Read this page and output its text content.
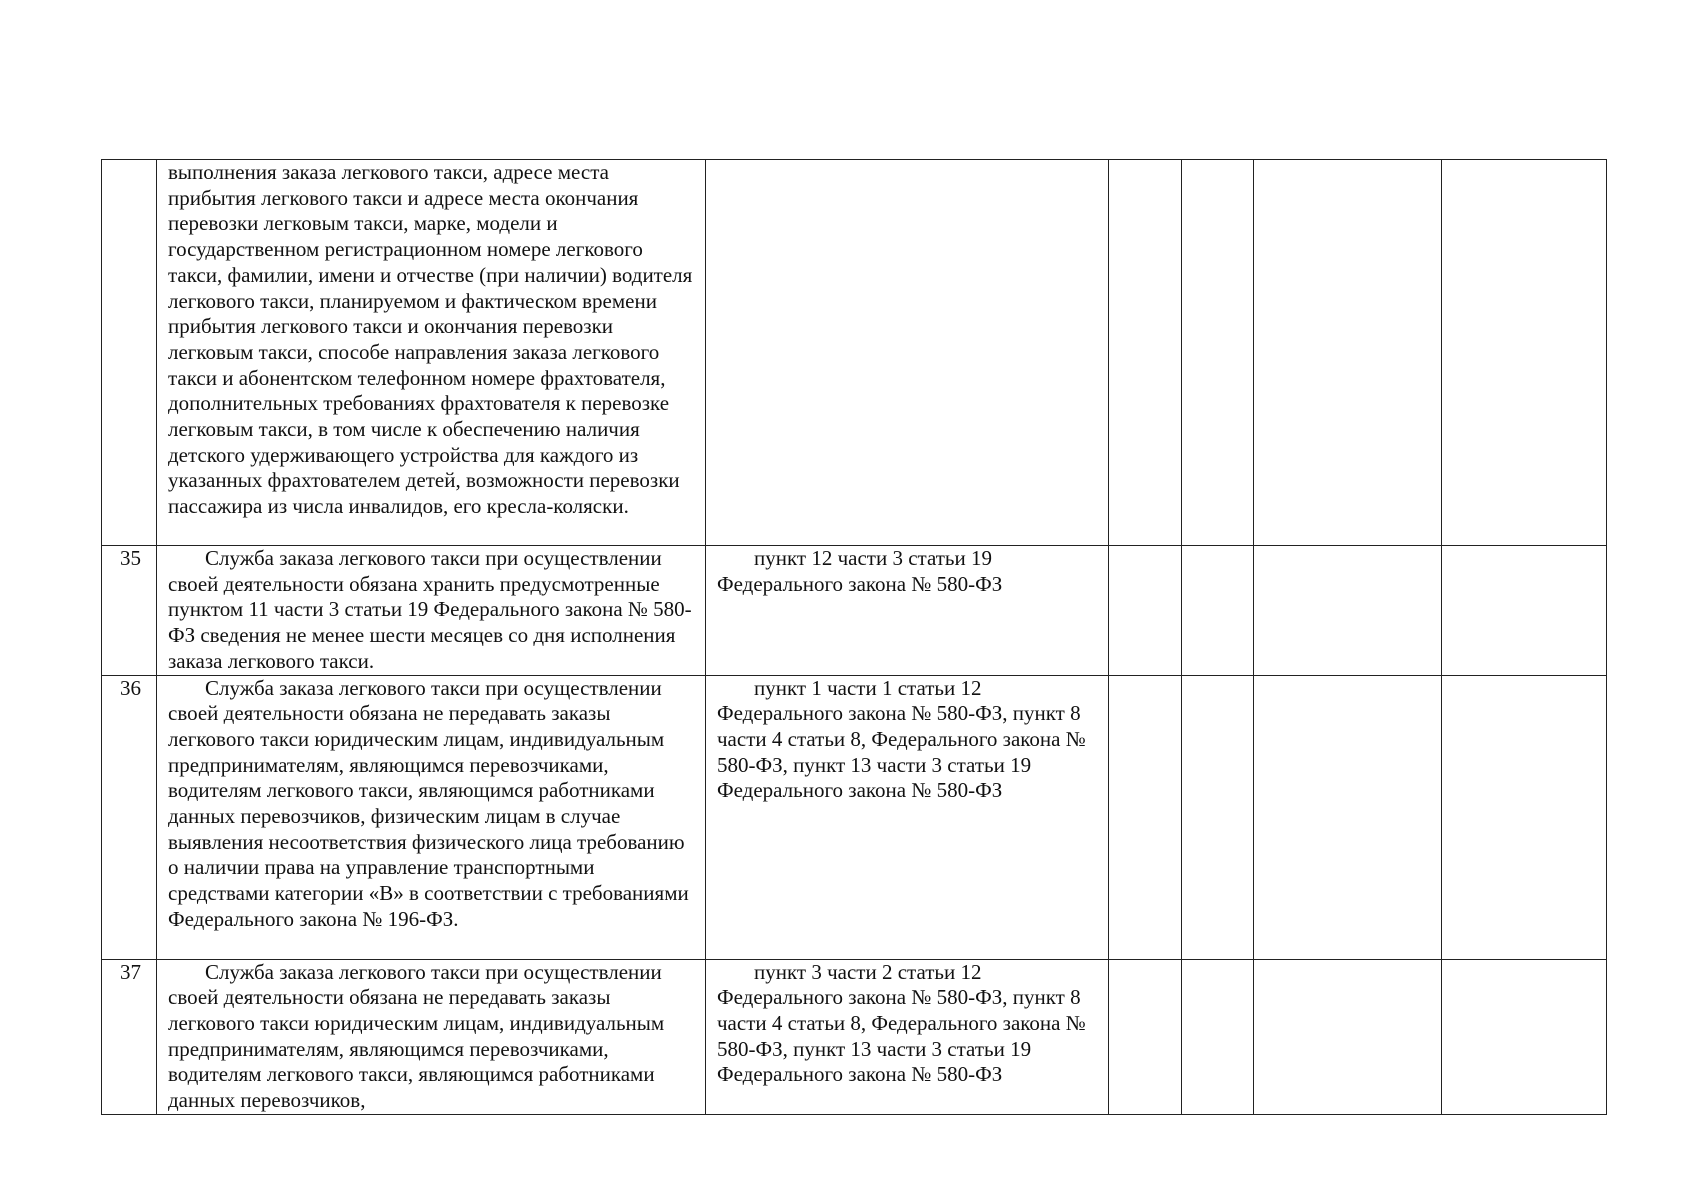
	выполнения заказа легкового такси, адресе места прибытия легкового такси и адресе места окончания перевозки легковым такси, марке, модели и государственном регистрационном номере легкового такси, фамилии, имени и отчестве (при наличии) водителя легкового такси, планируемом и фактическом времени прибытия легкового такси и окончания перевозки легковым такси, способе направления заказа легкового такси и абонентском телефонном номере фрахтователя, дополнительных требованиях фрахтователя к перевозке легковым такси, в том числе к обеспечению наличия детского удерживающего устройства для каждого из указанных фрахтователем детей, возможности перевозки пассажира из числа инвалидов, его кресла-коляски.					

35	Служба заказа легкового такси при осуществлении своей деятельности обязана хранить предусмотренные пунктом 11 части 3 статьи 19 Федерального закона № 580-ФЗ сведения не менее шести месяцев со дня исполнения заказа легкового такси.	пункт 12 части 3 статьи 19 Федерального закона № 580-ФЗ				

36	Служба заказа легкового такси при осуществлении своей деятельности обязана не передавать заказы легкового такси юридическим лицам, индивидуальным предпринимателям, являющимся перевозчиками, водителям легкового такси, являющимся работниками данных перевозчиков, физическим лицам в случае выявления несоответствия физического лица требованию о наличии права на управление транспортными средствами категории «B» в соответствии с требованиями Федерального закона № 196-ФЗ.	пункт 1 части 1 статьи 12 Федерального закона № 580-ФЗ, пункт 8 части 4 статьи 8, Федерального закона № 580-ФЗ, пункт 13 части 3 статьи 19 Федерального закона № 580-ФЗ				

37	Служба заказа легкового такси при осуществлении своей деятельности обязана не передавать заказы легкового такси юридическим лицам, индивидуальным предпринимателям, являющимся перевозчиками, водителям легкового такси, являющимся работниками данных перевозчиков,	пункт 3 части 2 статьи 12 Федерального закона № 580-ФЗ, пункт 8 части 4 статьи 8, Федерального закона № 580-ФЗ, пункт 13 части 3 статьи 19 Федерального закона № 580-ФЗ				
